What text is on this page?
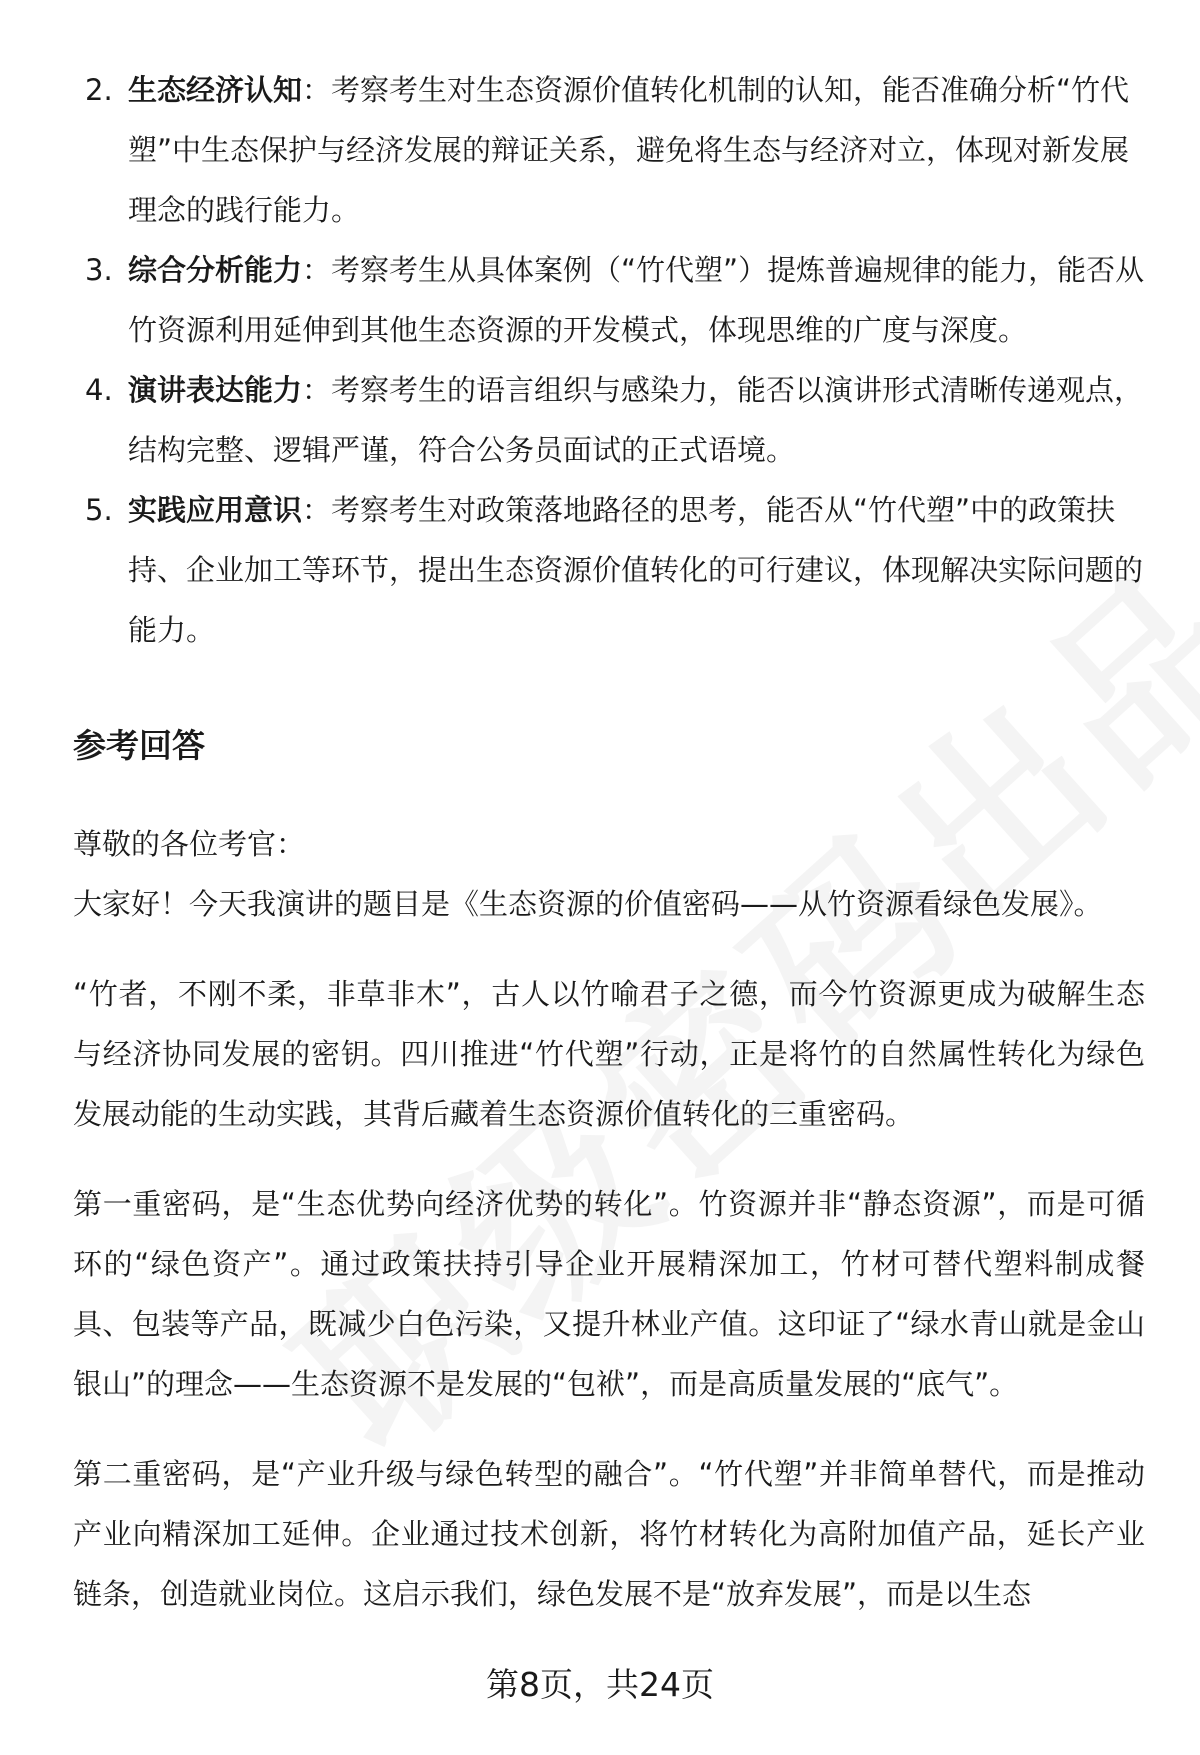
2. 生态经济认知：考察考生对生态资源价值转化机制的认知，能否准确分析“竹代塑”中生态保护与经济发展的辩证关系，避免将生态与经济对立，体现对新发展理念的践行能力。

3. 综合分析能力：考察考生从具体案例（“竹代塑”）提炼普遍规律的能力，能否从竹资源利用延伸到其他生态资源的开发模式，体现思维的广度与深度。

4. 演讲表达能力：考察考生的语言组织与感染力，能否以演讲形式清晰传递观点，结构完整、逻辑严谨，符合公务员面试的正式语境。

5. 实践应用意识：考察考生对政策落地路径的思考，能否从“竹代塑”中的政策扶持、企业加工等环节，提出生态资源价值转化的可行建议，体现解决实际问题的能力。

参考回答

尊敬的各位考官：

大家好！今天我演讲的题目是《生态资源的价值密码——从竹资源看绿色发展》。

“竹者，不刚不柔，非草非木”，古人以竹喻君子之德，而今竹资源更成为破解生态与经济协同发展的密钥。四川推进“竹代塑”行动，正是将竹的自然属性转化为绿色发展动能的生动实践，其背后藏着生态资源价值转化的三重密码。

第一重密码，是“生态优势向经济优势的转化”。竹资源并非“静态资源”，而是可循环的“绿色资产”。通过政策扶持引导企业开展精深加工，竹材可替代塑料制成餐具、包装等产品，既减少白色污染，又提升林业产值。这印证了“绿水青山就是金山银山”的理念——生态资源不是发展的“包袱”，而是高质量发展的“底气”。

第二重密码，是“产业升级与绿色转型的融合”。“竹代塑”并非简单替代，而是推动产业向精深加工延伸。企业通过技术创新，将竹材转化为高附加值产品，延长产业链条，创造就业岗位。这启示我们，绿色发展不是“放弃发展”，而是以生态

第8页，共24页
